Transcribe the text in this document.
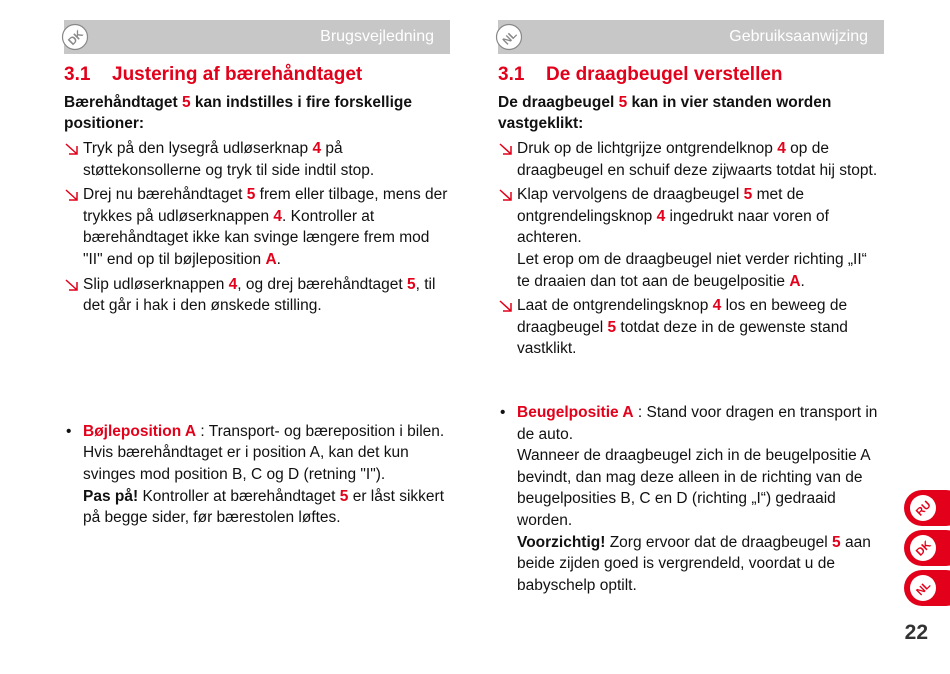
DK	Brugsvejledning
3.1 Justering af bærehåndtaget

Bærehåndtaget 5 kan indstilles i fire forskellige positioner:

Tryk på den lysegrå udløserknap 4 på støttekonsollerne og tryk til side indtil stop.
Drej nu bærehåndtaget 5 frem eller tilbage, mens der trykkes på udløserknappen 4. Kontroller at bærehåndtaget ikke kan svinge længere frem mod "II" end op til bøjleposition A.
Slip udløserknappen 4, og drej bærehåndtaget 5, til det går i hak i den ønskede stilling.
• Bøjleposition A : Transport- og bæreposition i bilen.
Hvis bærehåndtaget er i position A, kan det kun svinges mod position B, C og D (retning "I").
Pas på! Kontroller at bærehåndtaget 5 er låst sikkert på begge sider, før bærestolen løftes.
NL	Gebruiksaanwijzing
3.1 De draagbeugel verstellen

De draagbeugel 5 kan in vier standen worden vastgeklikt:

Druk op de lichtgrijze ontgrendelknop 4 op de draagbeugel en schuif deze zijwaarts totdat hij stopt.
Klap vervolgens de draagbeugel 5 met de ontgrendelingsknop 4 ingedrukt naar voren of achteren.
Let erop om de draagbeugel niet verder richting „II“ te draaien dan tot aan de beugelpositie A.
Laat de ontgrendelingsknop 4 los en beweeg de draagbeugel 5 totdat deze in de gewenste stand vastklikt.
• Beugelpositie A : Stand voor dragen en transport in de auto.
Wanneer de draagbeugel zich in de beugelpositie A bevindt, dan mag deze alleen in de richting van de beugelposities B, C en D (richting „I“) gedraaid worden.
Voorzichtig! Zorg ervoor dat de draagbeugel 5 aan beide zijden goed is vergrendeld, voordat u de babyschelp optilt.
RU
DK
NL
22
